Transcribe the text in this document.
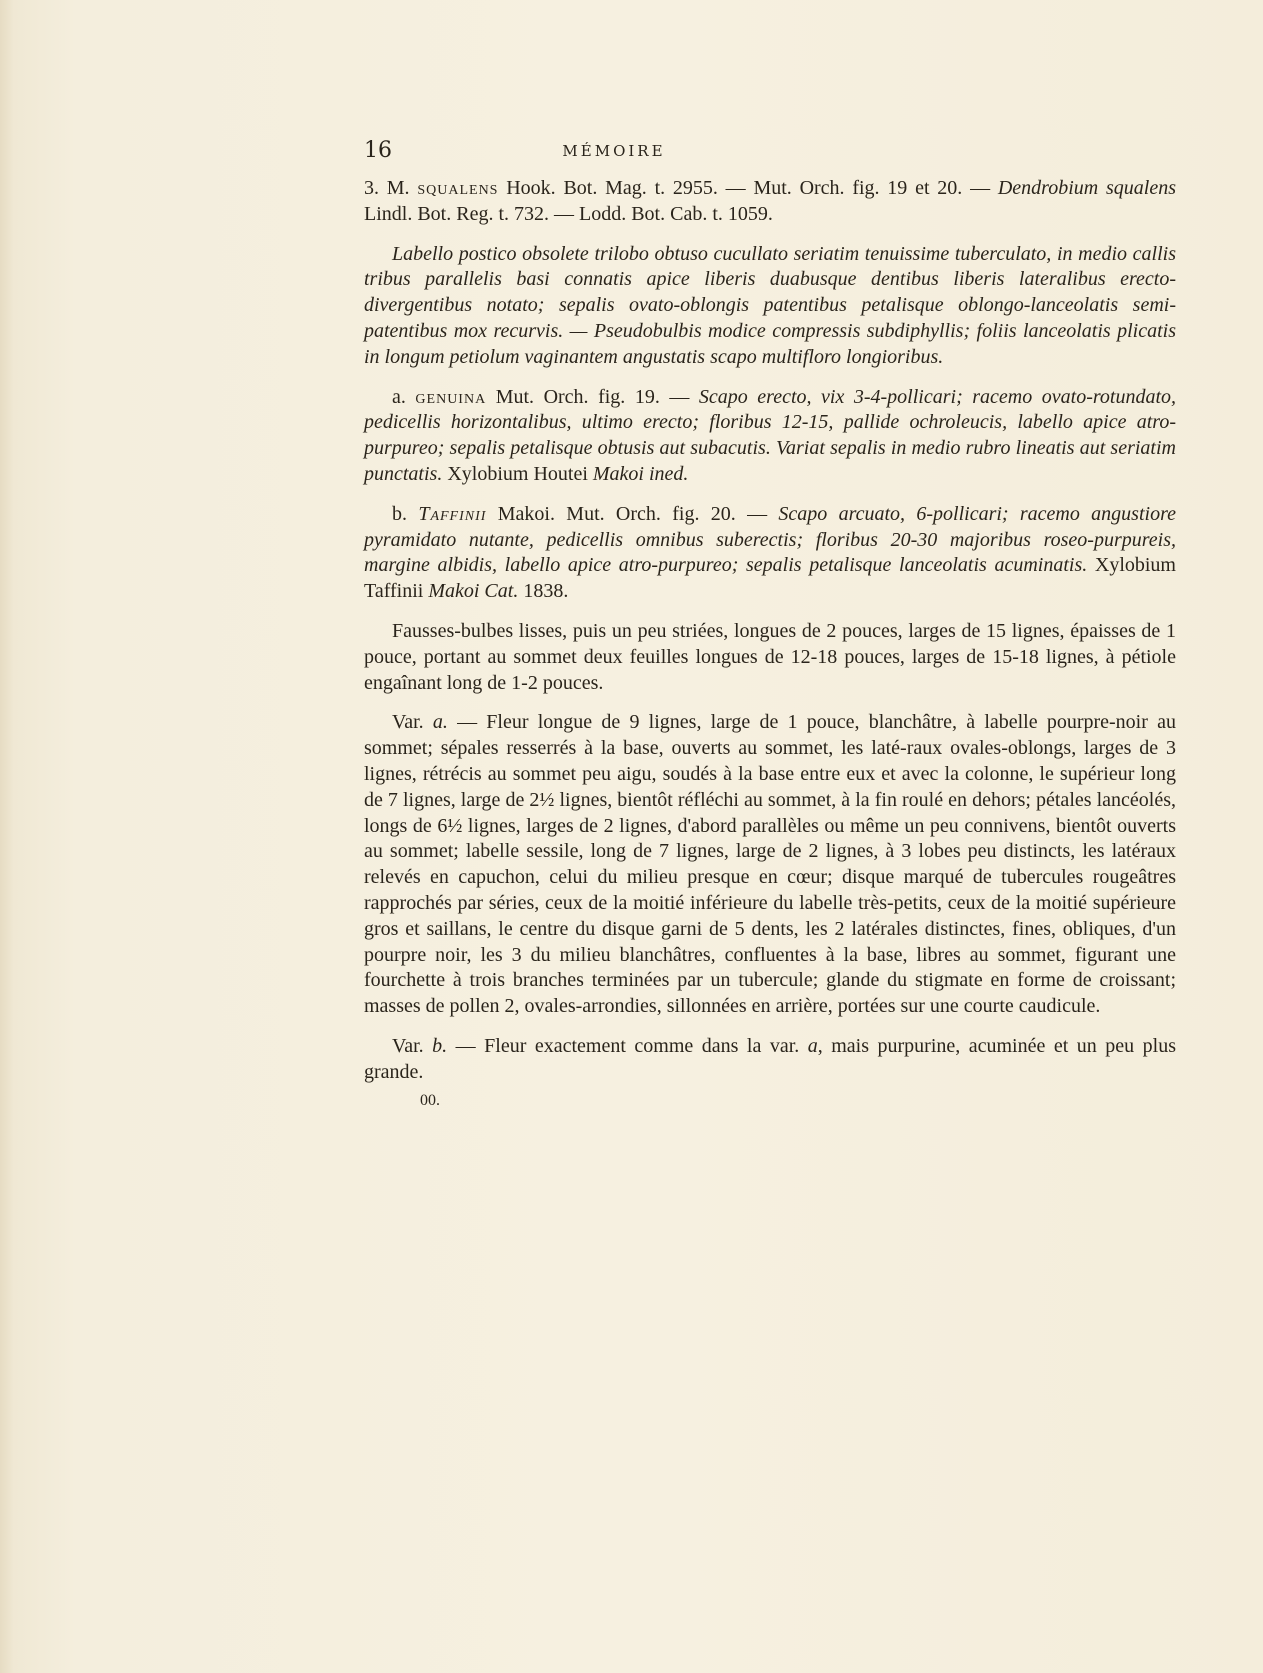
16	MÉMOIRE

3. M. squalens Hook. Bot. Mag. t. 2955. — Mut. Orch. fig. 19 et 20. — Dendrobium squalens Lindl. Bot. Reg. t. 732. — Lodd. Bot. Cab. t. 1059.

Labello postico obsolete trilobo obtuso cucullato seriatim tenuissime tuberculato, in medio callis tribus parallelis basi connatis apice liberis duabusque dentibus liberis lateralibus erecto-divergentibus notato; sepalis ovato-oblongis patentibus petalisque oblongo-lanceolatis semi-patentibus mox recurvis. — Pseudobulbis modice compressis subdiphyllis; foliis lanceolatis plicatis in longum petiolum vaginantem angustatis scapo multifloro longioribus.

a. genuina Mut. Orch. fig. 19. — Scapo erecto, vix 3-4-pollicari; racemo ovato-rotundato, pedicellis horizontalibus, ultimo erecto; floribus 12-15, pallide ochroleucis, labello apice atro-purpureo; sepalis petalisque obtusis aut subacutis. Variat sepalis in medio rubro lineatis aut seriatim punctatis. Xylobium Houtei Makoi ined.

b. Taffinii Makoi. Mut. Orch. fig. 20. — Scapo arcuato, 6-pollicari; racemo angustiore pyramidato nutante, pedicellis omnibus suberectis; floribus 20-30 majoribus roseo-purpureis, margine albidis, labello apice atro-purpureo; sepalis petalisque lanceolatis acuminatis. Xylobium Taffinii Makoi Cat. 1838.

Fausses-bulbes lisses, puis un peu striées, longues de 2 pouces, larges de 15 lignes, épaisses de 1 pouce, portant au sommet deux feuilles longues de 12-18 pouces, larges de 15-18 lignes, à pétiole engaînant long de 1-2 pouces.

Var. a. — Fleur longue de 9 lignes, large de 1 pouce, blanchâtre, à labelle pourpre-noir au sommet; sépales resserrés à la base, ouverts au sommet, les laté-raux ovales-oblongs, larges de 3 lignes, rétrécis au sommet peu aigu, soudés à la base entre eux et avec la colonne, le supérieur long de 7 lignes, large de 2½ lignes, bientôt réfléchi au sommet, à la fin roulé en dehors; pétales lancéolés, longs de 6½ lignes, larges de 2 lignes, d'abord parallèles ou même un peu connivens, bientôt ouverts au sommet; labelle sessile, long de 7 lignes, large de 2 lignes, à 3 lobes peu distincts, les latéraux relevés en capuchon, celui du milieu presque en cœur; disque marqué de tubercules rougeâtres rapprochés par séries, ceux de la moitié inférieure du labelle très-petits, ceux de la moitié supérieure gros et saillans, le centre du disque garni de 5 dents, les 2 latérales distinctes, fines, obliques, d'un pourpre noir, les 3 du milieu blanchâtres, confluentes à la base, libres au sommet, figurant une fourchette à trois branches terminées par un tubercule; glande du stigmate en forme de croissant; masses de pollen 2, ovales-arrondies, sillonnées en arrière, portées sur une courte caudicule.

Var. b. — Fleur exactement comme dans la var. a, mais purpurine, acuminée et un peu plus grande.

00.
